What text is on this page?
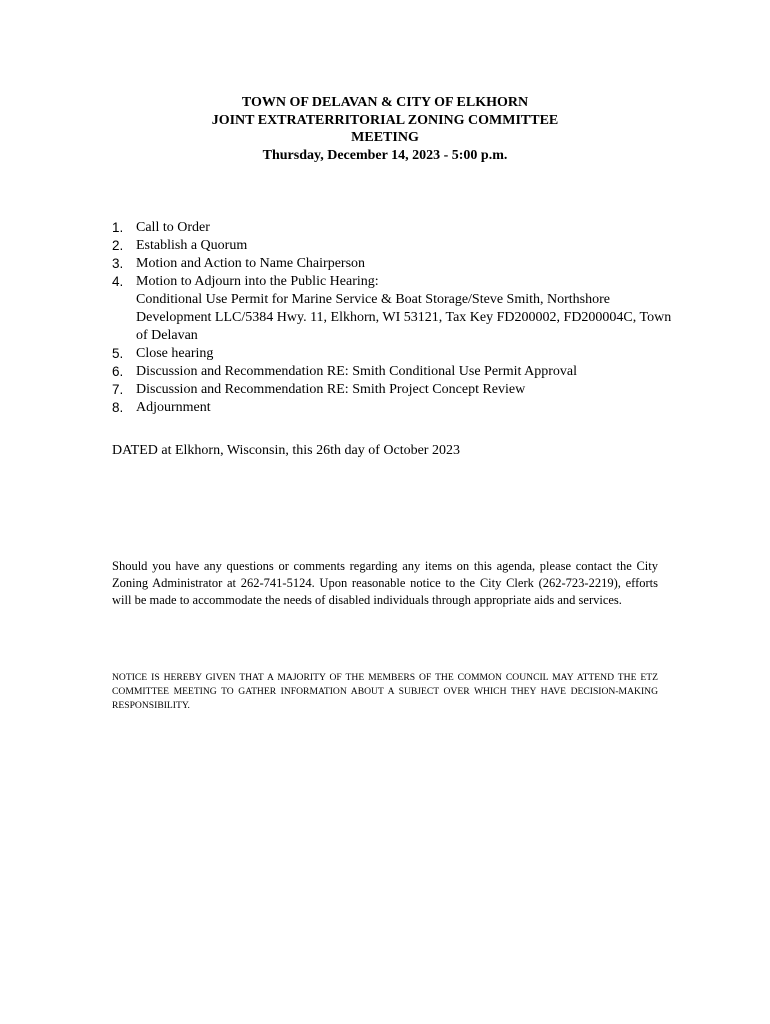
TOWN OF DELAVAN & CITY OF ELKHORN
JOINT EXTRATERRITORIAL ZONING COMMITTEE
MEETING
Thursday, December 14, 2023 - 5:00 p.m.
1. Call to Order
2. Establish a Quorum
3. Motion and Action to Name Chairperson
4. Motion to Adjourn into the Public Hearing:
Conditional Use Permit for Marine Service & Boat Storage/Steve Smith, Northshore Development LLC/5384 Hwy. 11, Elkhorn, WI 53121, Tax Key FD200002, FD200004C, Town of Delavan
5. Close hearing
6. Discussion and Recommendation RE: Smith Conditional Use Permit Approval
7. Discussion and Recommendation RE: Smith Project Concept Review
8. Adjournment
DATED at Elkhorn, Wisconsin, this 26th day of October 2023
Should you have any questions or comments regarding any items on this agenda, please contact the City Zoning Administrator at 262-741-5124. Upon reasonable notice to the City Clerk (262-723-2219), efforts will be made to accommodate the needs of disabled individuals through appropriate aids and services.
NOTICE IS HEREBY GIVEN THAT A MAJORITY OF THE MEMBERS OF THE COMMON COUNCIL MAY ATTEND THE ETZ COMMITTEE MEETING TO GATHER INFORMATION ABOUT A SUBJECT OVER WHICH THEY HAVE DECISION-MAKING RESPONSIBILITY.
